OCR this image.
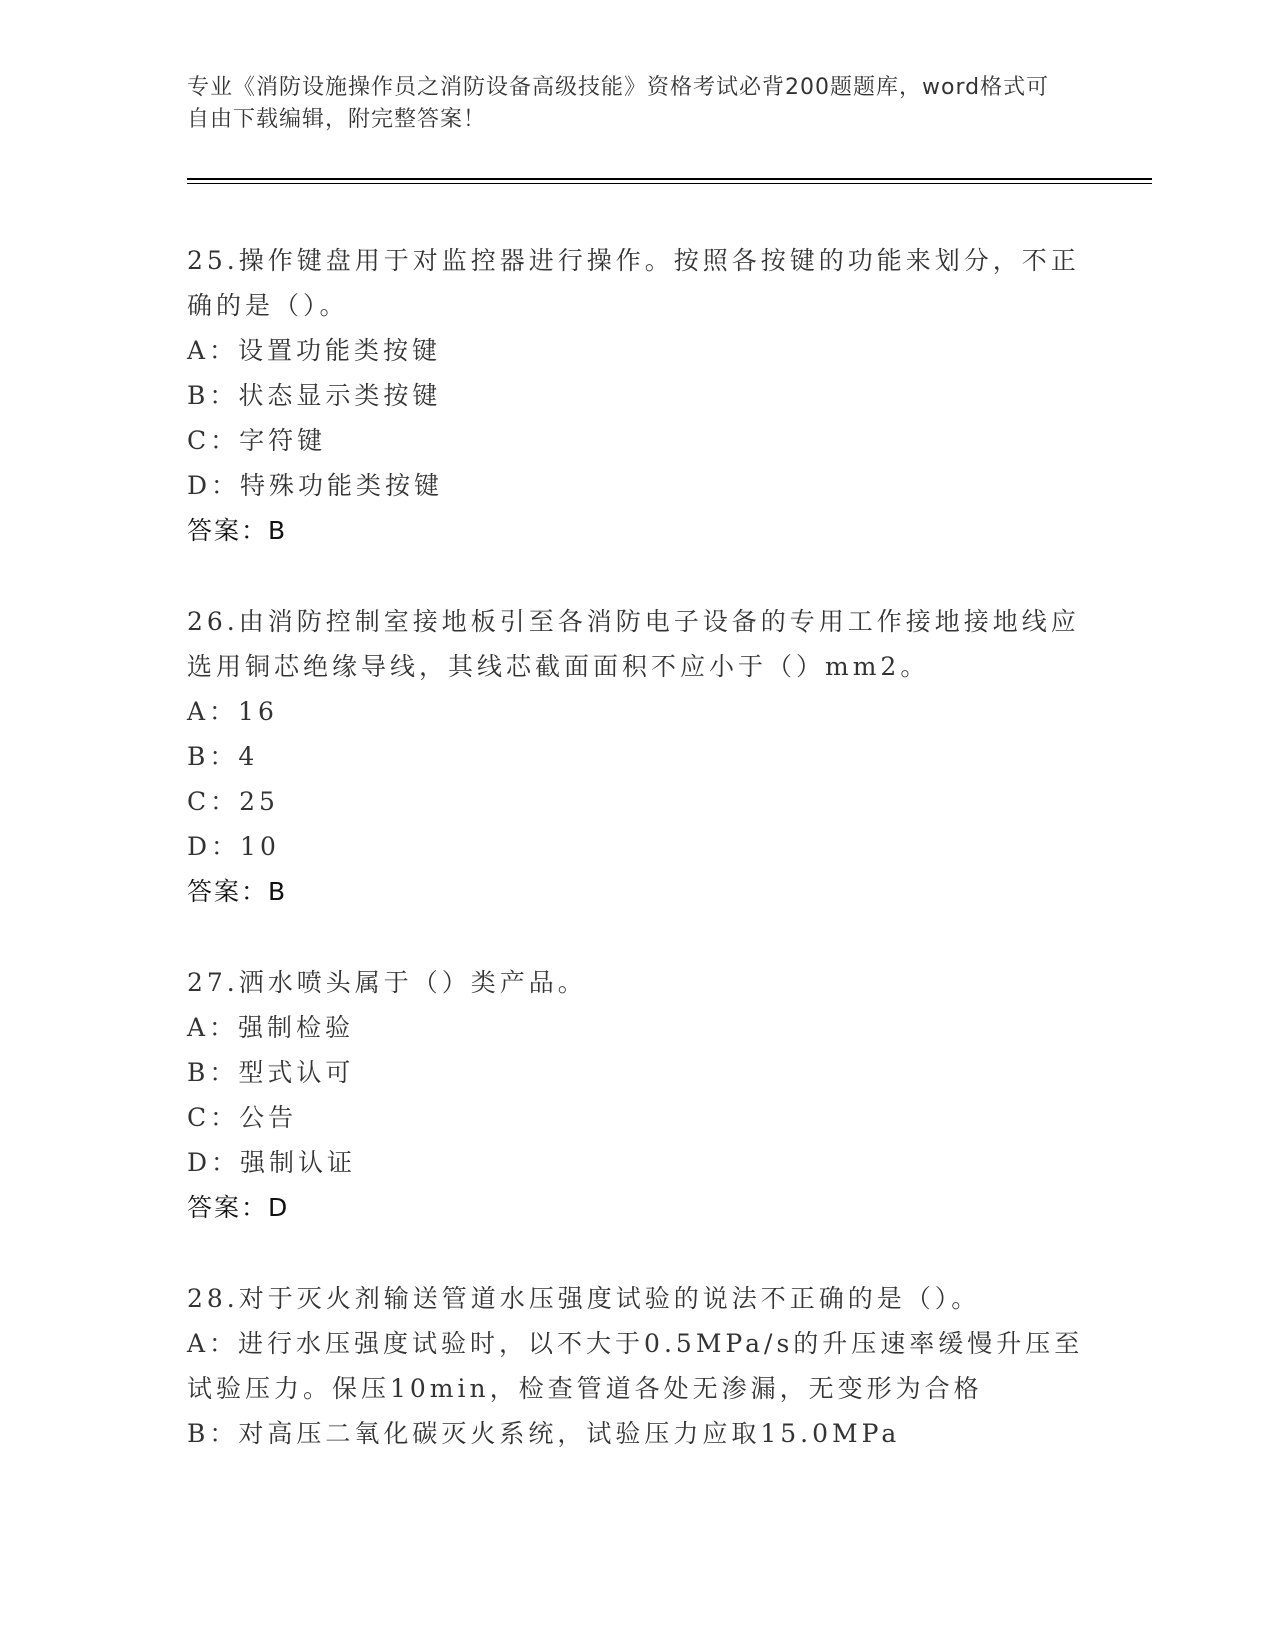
专业《消防设施操作员之消防设备高级技能》资格考试必背200题题库，word格式可自由下载编辑，附完整答案！

25.操作键盘用于对监控器进行操作。按照各按键的功能来划分，不正确的是（）。

A：设置功能类按键

B：状态显示类按键

C：字符键

D：特殊功能类按键

答案：B

26.由消防控制室接地板引至各消防电子设备的专用工作接地接地线应选用铜芯绝缘导线，其线芯截面面积不应小于（）mm2。

A：16

B：4

C：25

D：10

答案：B

27.洒水喷头属于（）类产品。

A：强制检验

B：型式认可

C：公告

D：强制认证

答案：D

28.对于灭火剂输送管道水压强度试验的说法不正确的是（）。

A：进行水压强度试验时，以不大于0.5MPa/s的升压速率缓慢升压至试验压力。保压10min，检查管道各处无渗漏，无变形为合格

B：对高压二氧化碳灭火系统，试验压力应取15.0MPa
